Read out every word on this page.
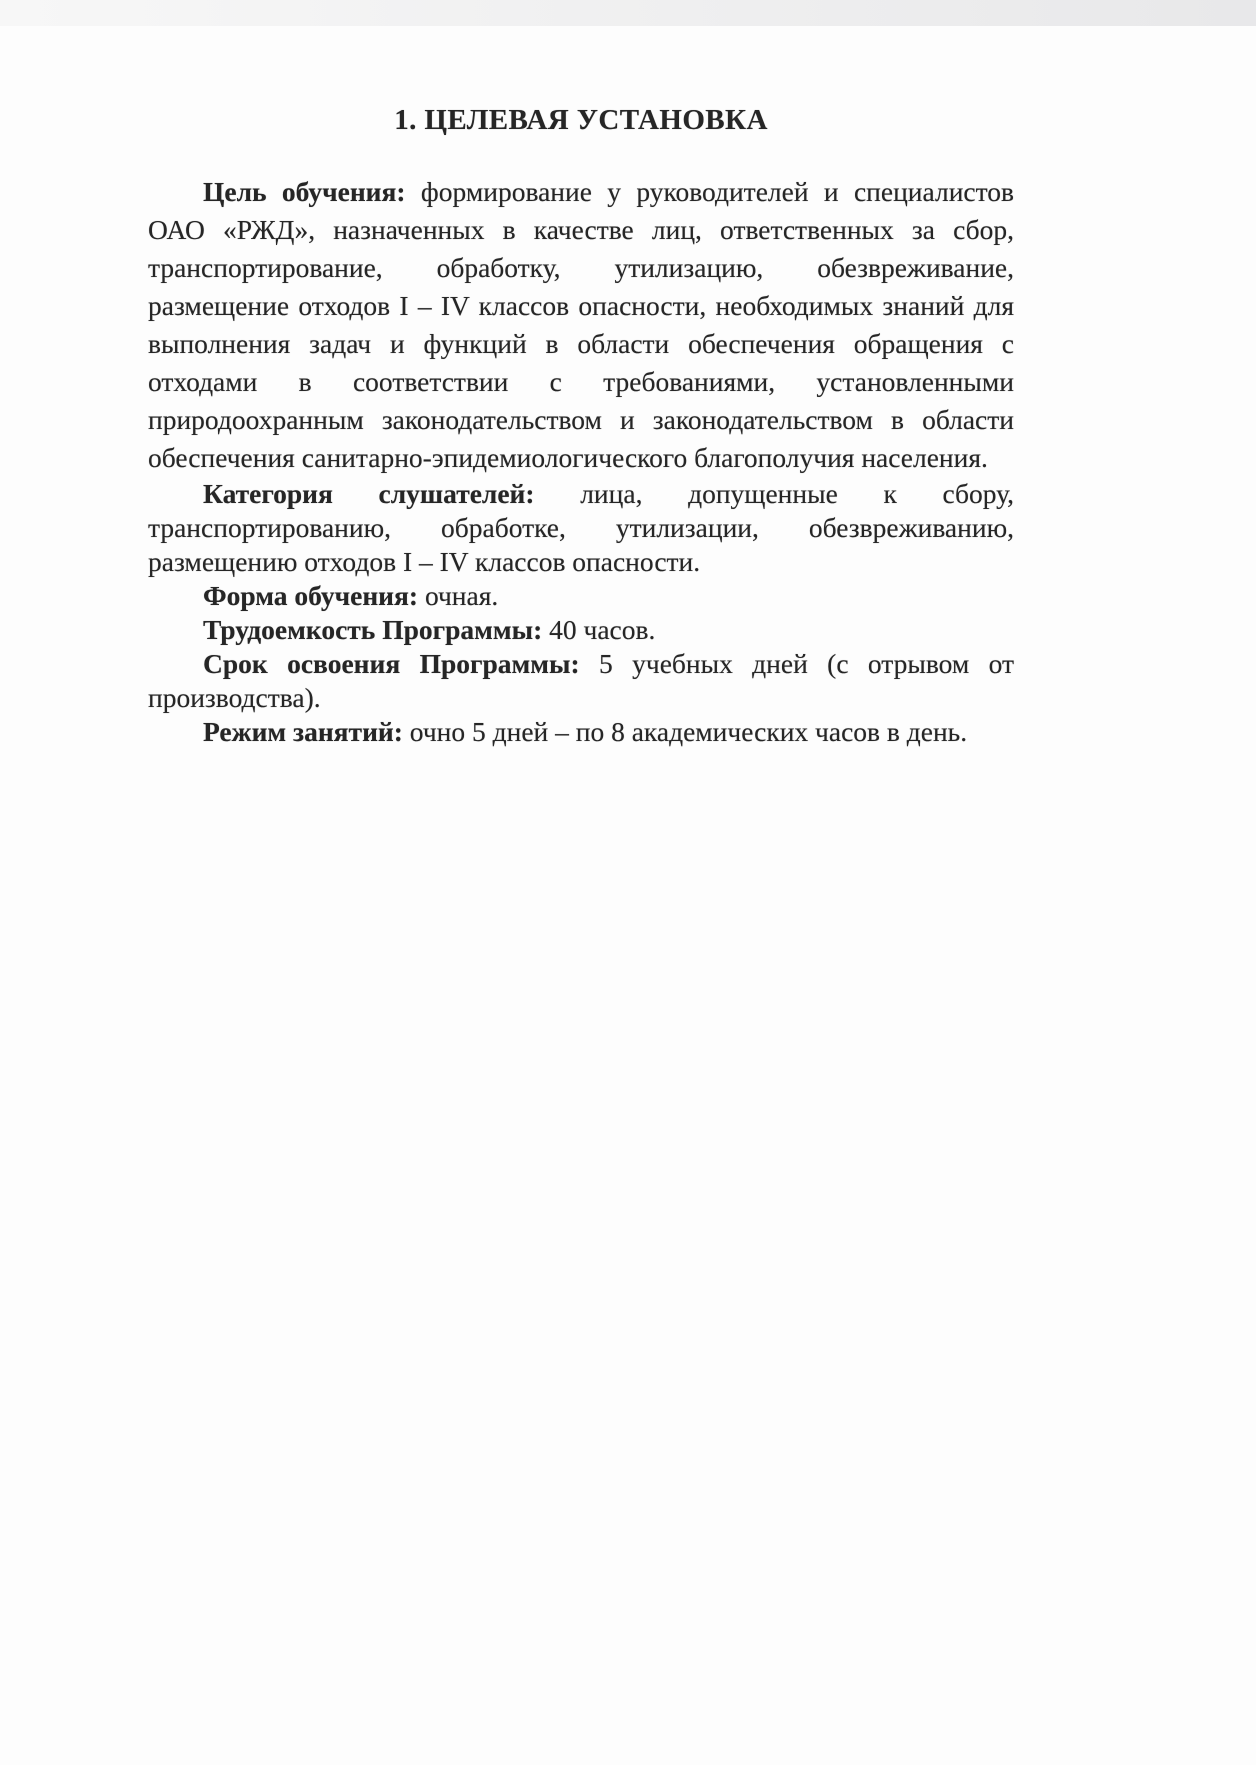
1. ЦЕЛЕВАЯ УСТАНОВКА

Цель обучения: формирование у руководителей и специалистов ОАО «РЖД», назначенных в качестве лиц, ответственных за сбор, транспортирование, обработку, утилизацию, обезвреживание, размещение отходов I – IV классов опасности, необходимых знаний для выполнения задач и функций в области обеспечения обращения с отходами в соответствии с требованиями, установленными природоохранным законодательством и законодательством в области обеспечения санитарно-эпидемиологического благополучия населения.

Категория слушателей: лица, допущенные к сбору, транспортированию, обработке, утилизации, обезвреживанию, размещению отходов I – IV классов опасности.

Форма обучения: очная.

Трудоемкость Программы: 40 часов.

Срок освоения Программы: 5 учебных дней (с отрывом от производства).

Режим занятий: очно 5 дней – по 8 академических часов в день.
